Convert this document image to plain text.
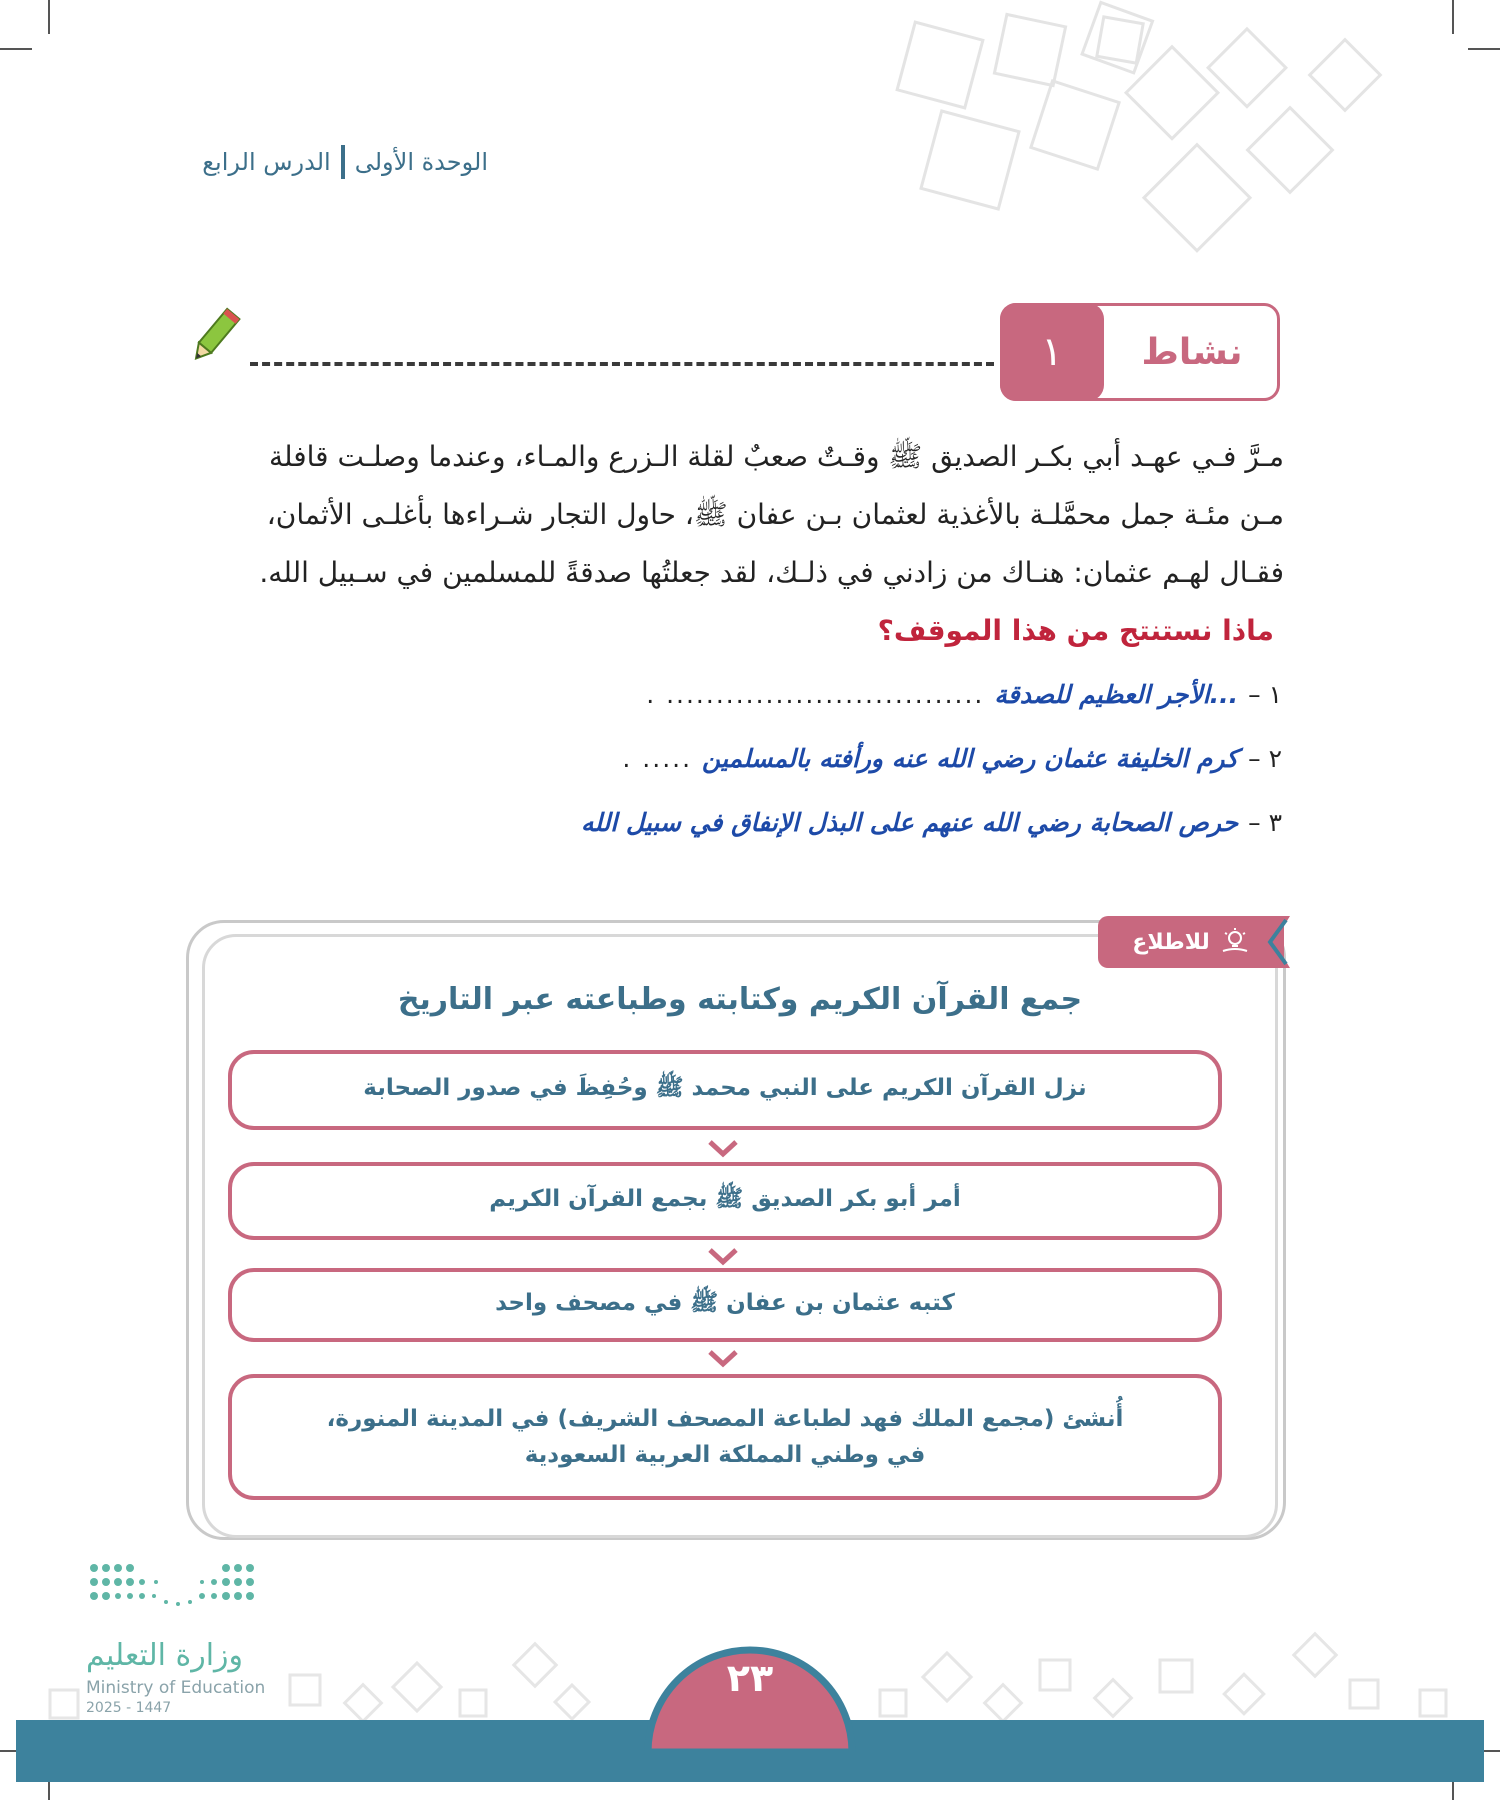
الوحدة الأولى
الدرس الرابع
نشاط
١
مـرَّ فـي عهـد أبي بكـر الصديق ﷺ وقـتٌ صعبٌ لقلة الـزرع والمـاء، وعندما وصلـت قافلة
مـن مئـة جمل محمَّلـة بالأغذية لعثمان بـن عفان ﷺ، حاول التجار شـراءها بأغلـى الأثمان،
فقـال لهـم عثمان: هنـاك من زادني في ذلـك، لقد جعلتُها صدقةً للمسلمين في سـبيل الله.
ماذا نستنتج من هذا الموقف؟
١ –
...الأجر العظيم للصدقة
................................ .
٢ –
كرم الخليفة عثمان رضي الله عنه ورأفته بالمسلمين
..... .
٣ –
حرص الصحابة رضي الله عنهم على البذل الإنفاق في سبيل الله
للاطلاع
جمع القرآن الكريم وكتابته وطباعته عبر التاريخ
نزل القرآن الكريم على النبي محمد ﷺ وحُفِظَ في صدور الصحابة
أمر أبو بكر الصديق ﷺ بجمع القرآن الكريم
كتبه عثمان بن عفان ﷺ في مصحف واحد
أُنشئ (مجمع الملك فهد لطباعة المصحف الشريف) في المدينة المنورة، في وطني المملكة العربية السعودية
٢٣
وزارة التعليم
Ministry of Education
2025 - 1447
